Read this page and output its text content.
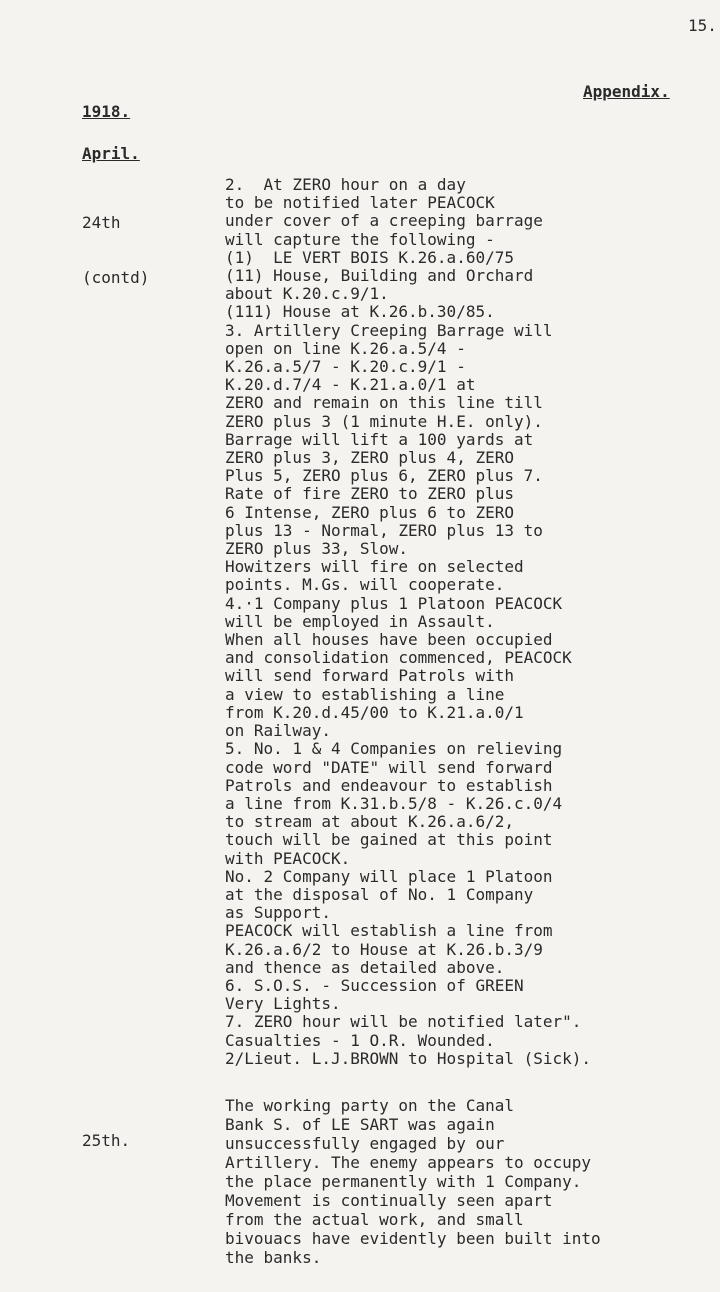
15.
Appendix.
1918.
April.

24th

(contd)

2.  At ZERO hour on a day
to be notified later PEACOCK
under cover of a creeping barrage
will capture the following -
(1)  LE VERT BOIS K.26.a.60/75
(11) House, Building and Orchard
about K.20.c.9/1.
(111) House at K.26.b.30/85.
3. Artillery Creeping Barrage will
open on line K.26.a.5/4 -
K.26.a.5/7 - K.20.c.9/1 -
K.20.d.7/4 - K.21.a.0/1 at
ZERO and remain on this line till
ZERO plus 3 (1 minute H.E. only).
Barrage will lift a 100 yards at
ZERO plus 3, ZERO plus 4, ZERO
Plus 5, ZERO plus 6, ZERO plus 7.
Rate of fire ZERO to ZERO plus
6 Intense, ZERO plus 6 to ZERO
plus 13 - Normal, ZERO plus 13 to
ZERO plus 33, Slow.
Howitzers will fire on selected
points. M.Gs. will cooperate.
4.·1 Company plus 1 Platoon PEACOCK
will be employed in Assault.
When all houses have been occupied
and consolidation commenced, PEACOCK
will send forward Patrols with
a view to establishing a line
from K.20.d.45/00 to K.21.a.0/1
on Railway.
5. No. 1 & 4 Companies on relieving
code word "DATE" will send forward
Patrols and endeavour to establish
a line from K.31.b.5/8 - K.26.c.0/4
to stream at about K.26.a.6/2,
touch will be gained at this point
with PEACOCK.
No. 2 Company will place 1 Platoon
at the disposal of No. 1 Company
as Support.
PEACOCK will establish a line from
K.26.a.6/2 to House at K.26.b.3/9
and thence as detailed above.
6. S.O.S. - Succession of GREEN
Very Lights.
7. ZERO hour will be notified later".
Casualties - 1 O.R. Wounded.
2/Lieut. L.J.BROWN to Hospital (Sick).

25th.

The working party on the Canal
Bank S. of LE SART was again
unsuccessfully engaged by our
Artillery. The enemy appears to occupy
the place permanently with 1 Company.
Movement is continually seen apart
from the actual work, and small
bivouacs have evidently been built into
the banks.
